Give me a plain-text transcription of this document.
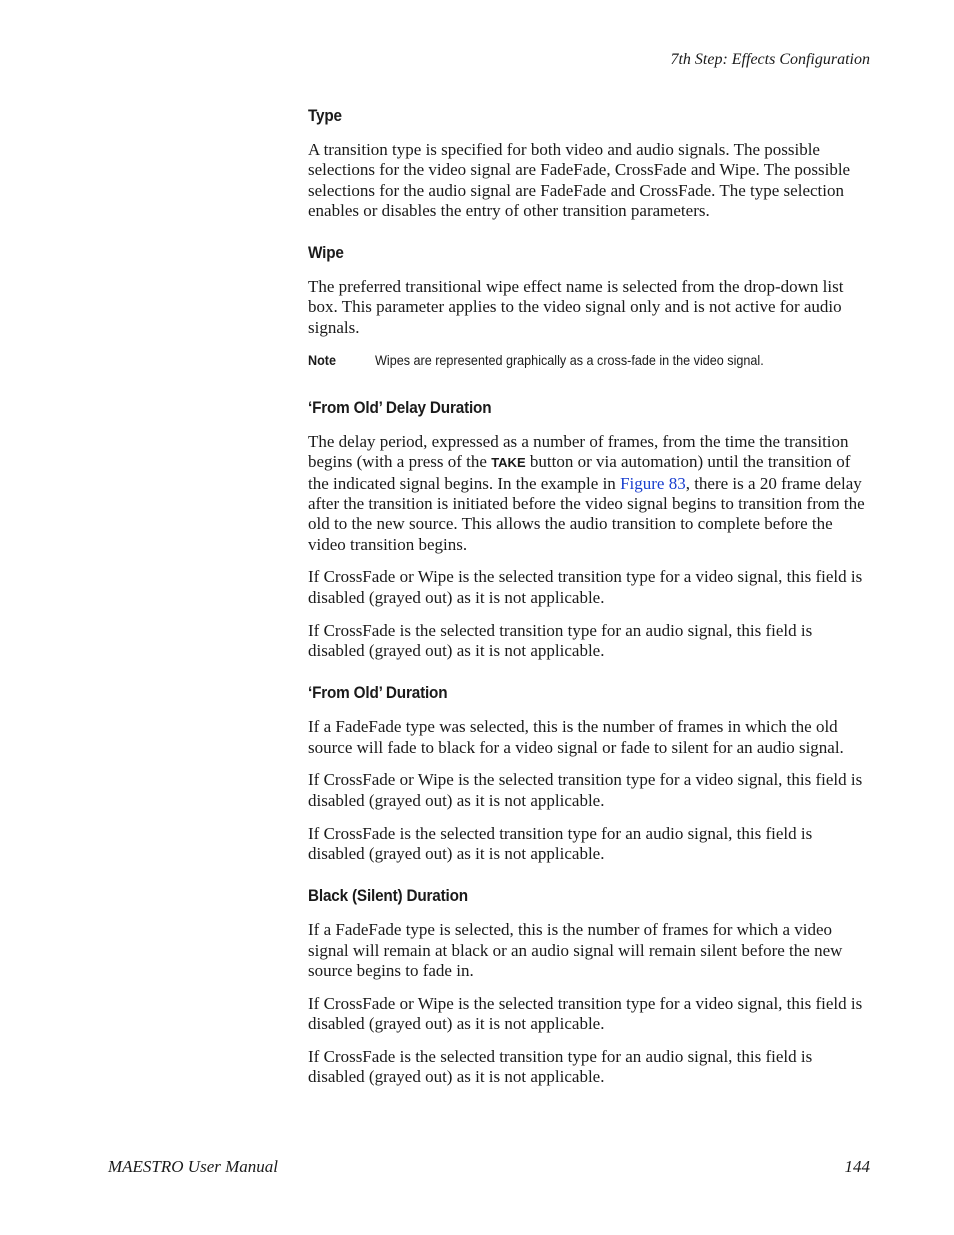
7th Step: Effects Configuration
Type

A transition type is specified for both video and audio signals. The possible selections for the video signal are FadeFade, CrossFade and Wipe. The possible selections for the audio signal are FadeFade and CrossFade. The type selection enables or disables the entry of other transition parameters.

Wipe

The preferred transitional wipe effect name is selected from the drop-down list box. This parameter applies to the video signal only and is not active for audio signals.

Note	Wipes are represented graphically as a cross-fade in the video signal.
‘From Old’ Delay Duration

The delay period, expressed as a number of frames, from the time the transition begins (with a press of the TAKE button or via automation) until the transition of the indicated signal begins. In the example in Figure 83, there is a 20 frame delay after the transition is initiated before the video signal begins to transition from the old to the new source. This allows the audio transition to complete before the video transition begins.

If CrossFade or Wipe is the selected transition type for a video signal, this field is disabled (grayed out) as it is not applicable.

If CrossFade is the selected transition type for an audio signal, this field is disabled (grayed out) as it is not applicable.

‘From Old’ Duration

If a FadeFade type was selected, this is the number of frames in which the old source will fade to black for a video signal or fade to silent for an audio signal.

If CrossFade or Wipe is the selected transition type for a video signal, this field is disabled (grayed out) as it is not applicable.

If CrossFade is the selected transition type for an audio signal, this field is disabled (grayed out) as it is not applicable.

Black (Silent) Duration

If a FadeFade type is selected, this is the number of frames for which a video signal will remain at black or an audio signal will remain silent before the new source begins to fade in.

If CrossFade or Wipe is the selected transition type for a video signal, this field is disabled (grayed out) as it is not applicable.

If CrossFade is the selected transition type for an audio signal, this field is disabled (grayed out) as it is not applicable.

MAESTRO User Manual	144
